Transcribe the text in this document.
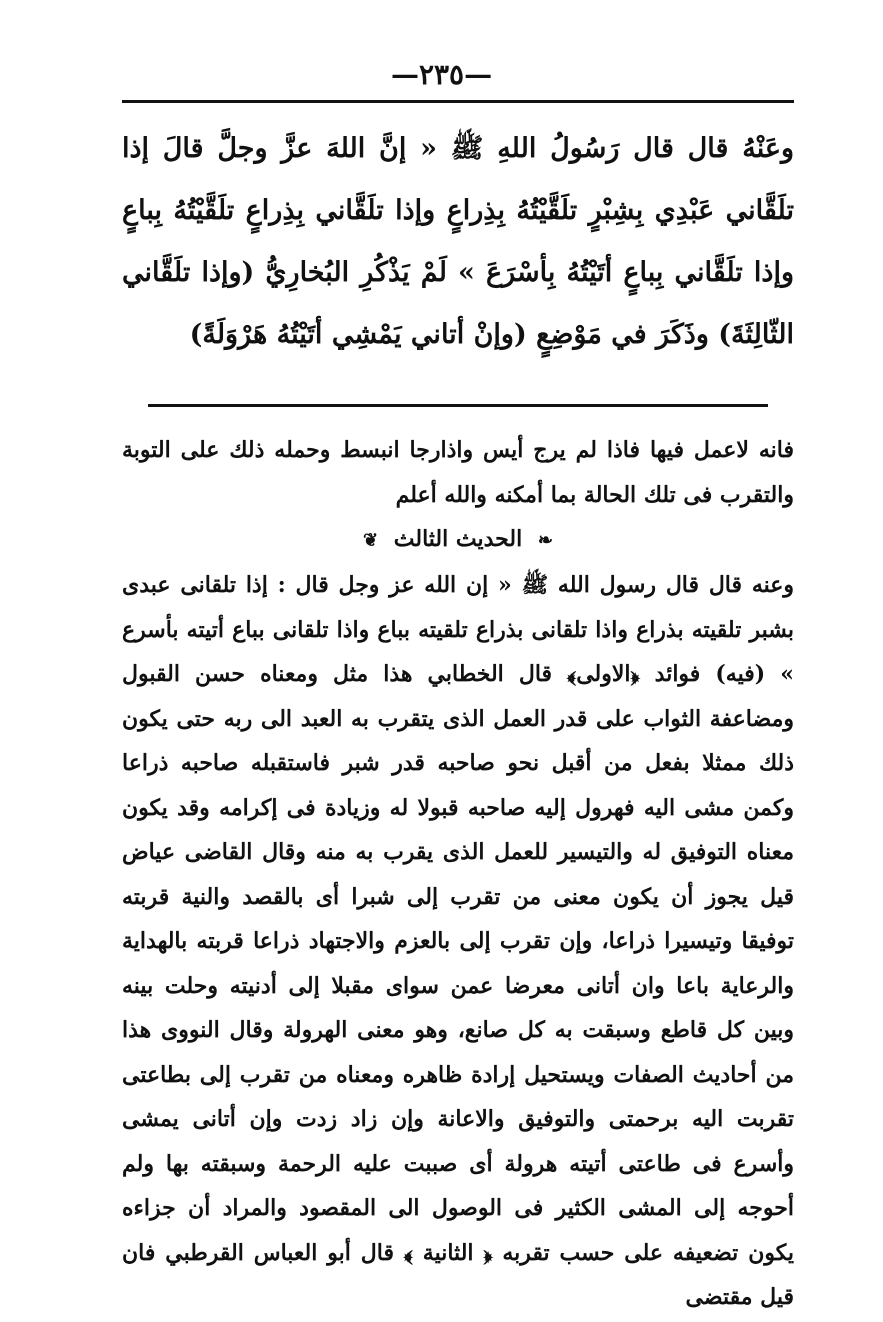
—٢٣٥—
وعَنْهُ قال قال رَسُولُ اللهِ ﷺ « إنَّ اللهَ عزَّ وجلَّ قالَ إذا تلَقَّاني عَبْدِي بِشِبْرٍ تلَقَّيْتُهُ بِذِراعٍ وإذا تلَقَّاني بِذِراعٍ تلَقَّيْتُهُ بِباعٍ وإذا تلَقَّاني بِباعٍ أتَيْتُهُ بِأسْرَعَ » لَمْ يَذْكُرِ البُخارِيُّ (وإذا تلَقَّاني الثّالِثَةَ) وذَكَرَ في مَوْضِعٍ (وإنْ أتاني يَمْشِي أتَيْتُهُ هَرْوَلَةً)

فانه لاعمل فيها فاذا لم يرج أيس واذارجا انبسط وحمله ذلك على التوبة والتقرب فى تلك الحالة بما أمكنه والله أعلم

❧ الحديث الثالث ❦

وعنه قال قال رسول الله ﷺ « إن الله عز وجل قال : إذا تلقانى عبدى بشبر تلقيته بذراع واذا تلقانى بذراع تلقيته بباع واذا تلقانى بباع أتيته بأسرع » (فيه) فوائد ﴿الاولى﴾ قال الخطابي هذا مثل ومعناه حسن القبول ومضاعفة الثواب على قدر العمل الذى يتقرب به العبد الى ربه حتى يكون ذلك ممثلا بفعل من أقبل نحو صاحبه قدر شبر فاستقبله صاحبه ذراعا وكمن مشى اليه فهرول إليه صاحبه قبولا له وزيادة فى إكرامه وقد يكون معناه التوفيق له والتيسير للعمل الذى يقرب به منه وقال القاضى عياض قيل يجوز أن يكون معنى من تقرب إلى شبرا أى بالقصد والنية قربته توفيقا وتيسيرا ذراعا، وإن تقرب إلى بالعزم والاجتهاد ذراعا قربته بالهداية والرعاية باعا وان أتانى معرضا عمن سواى مقبلا إلى أدنيته وحلت بينه وبين كل قاطع وسبقت به كل صانع، وهو معنى الهرولة وقال النووى هذا من أحاديث الصفات ويستحيل إرادة ظاهره ومعناه من تقرب إلى بطاعتى تقربت اليه برحمتى والتوفيق والاعانة وإن زاد زدت وإن أتانى يمشى وأسرع فى طاعتى أتيته هرولة أى صببت عليه الرحمة وسبقته بها ولم أحوجه إلى المشى الكثير فى الوصول الى المقصود والمراد أن جزاءه يكون تضعيفه على حسب تقربه ﴿ الثانية ﴾ قال أبو العباس القرطبي فان قيل مقتضى
